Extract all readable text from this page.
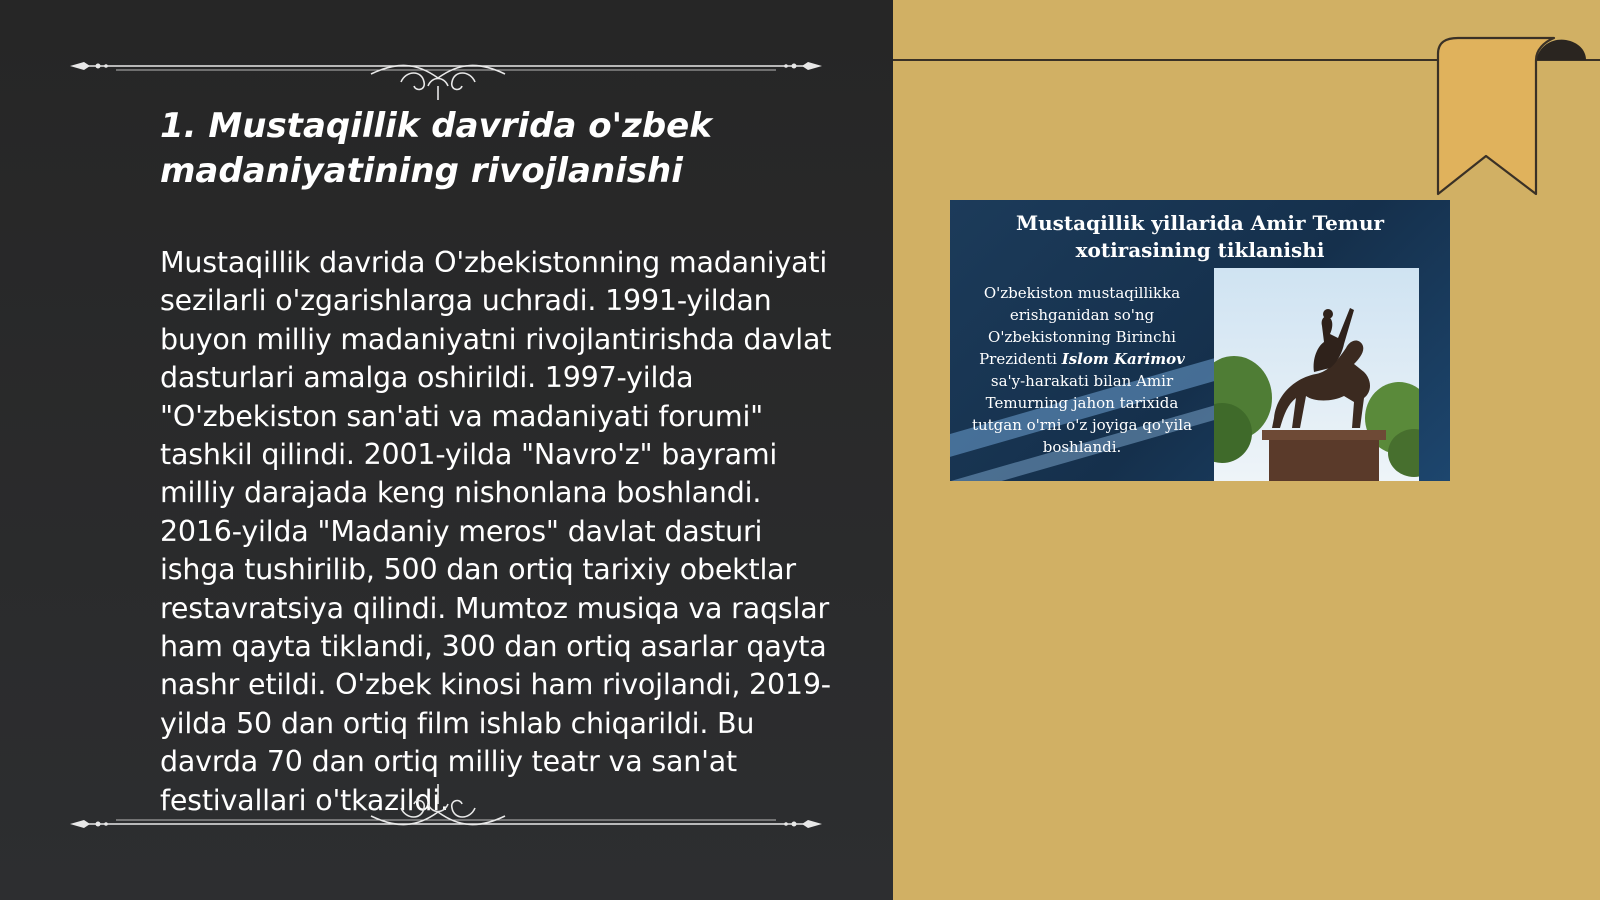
1. Mustaqillik davrida o'zbek madaniyatining rivojlanishi

Mustaqillik davrida O'zbekistonning madaniyati sezilarli o'zgarishlarga uchradi. 1991-yildan buyon milliy madaniyatni rivojlantirishda davlat dasturlari amalga oshirildi. 1997-yilda "O'zbekiston san'ati va madaniyati forumi" tashkil qilindi. 2001-yilda "Navro'z" bayrami milliy darajada keng nishonlana boshlandi. 2016-yilda "Madaniy meros" davlat dasturi ishga tushirilib, 500 dan ortiq tarixiy obektlar restavratsiya qilindi. Mumtoz musiqa va raqslar ham qayta tiklandi, 300 dan ortiq asarlar qayta nashr etildi. O'zbek kinosi ham rivojlandi, 2019-yilda 50 dan ortiq film ishlab chiqarildi. Bu davrda 70 dan ortiq milliy teatr va san'at festivallari o'tkazildi.

Mustaqillik yillarida Amir Temur
xotirasining tiklanishi

O'zbekiston mustaqillikka erishganidan so'ng O'zbekistonning Birinchi Prezidenti Islom Karimov sa'y-harakati bilan Amir Temurning jahon tarixida tutgan o'rni o'z joyiga qo'yila boshlandi.
